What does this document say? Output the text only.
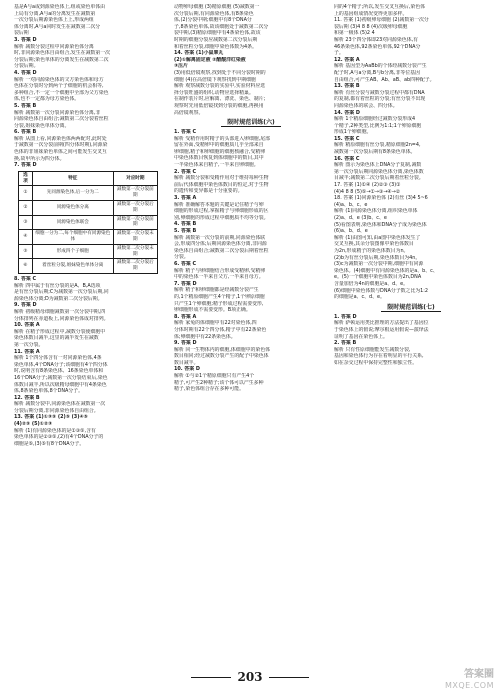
基是A与a或到源染色体上,组或染色单体由
上局有分离,A与a的分离发生在减数第
一次分裂后期源染色体上上,形成两组
体分离时,A与a同时发生在减数第二次分
裂后期
3. 答案 D
解析 减数分裂过程中同源染色体分离
时,非同源染色体自由组合,发生在减数第一次
分裂后期;染色单体的分离发生在减数第二次
分裂后期。
4. 答案 D
解析 一对同源染色体的父方染色体和母方
色体在分裂时分到两个子细胞的机会相等,
多种组合,不一定一个细胞中全部为父方染色
体,也不一定都为母方染色体。
5. 答案 B
解析 减数第一次分裂同源染色体分离,非
同源染色体自由组合;减数第二次分裂着丝粒
分裂,姐妹染色单体分离。
6. 答案 B
解析 从图上看,同源染色体两两配对,此时处
于减数第一次分裂前期(四分体时期),同源染
色体的非姐妹染色单体之间可能发生交叉互
换,故甲所示为四分体。
7. 答案 D
选项	特征	对应时期
①	先同源染色体,后一分为二	减数第一次分裂前期
②	同源染色体分离	减数第一次分裂后期
③	同源染色体联会	减数第一次分裂前期
④	细胞一分为二,每个细胞中有同源染色体	减数第一次分裂末期
⑤	形成四个子细胞	减数第二次分裂末期
⑥	着丝粒分裂,姐妹染色单体分离	减数第二次分裂后期
8. 答案 C
解析 四中属于有丝分裂的是A、B,A选项
是有丝分裂后期;C为减数第一次分裂后期,同
源染色体分离;D为减数第二次分裂后期。
9. 答案 D
解析 初级精母细胞减数第一次分裂中期,四
分体排列在赤道板上,同源染色体成对排列。
10. 答案 A
解析 在精子形成过程中,减数分裂使细胞中
染色体数目减半,这里的减半发生在减数
第一次分裂。
11. 答案 A
解析 1个四分体含有一对同源染色体,4条
染色单体,4个DNA分子;该细胞有4个四分体
时,说明含有8条染色体、16条染色单体和
16个DNA分子;减数第一次分裂结束后,染色
体数目减半,所以次级精母细胞中有4条染色
体,8条染色单体,8个DNA分子。
12. 答案 B
解析 减数分裂中,同源染色体在减数第一次
分裂后期分离,非同源染色体自由组合。
13. 答案 (1)①③⑤ (2)⑤ (3)④⑤
(4)②⑤ (5)①②③
解析 (1)有同源染色体的是①③⑤,含有
染色单体的是②③⑤,(2)有4个DNA分子的
细胞是⑤,(3)⑤有8个DNA分子。
动物卵母细胞 (3)精原细胞 (5)减数第一
次分裂后期,有同源染色体,有8条染色
体,(2)分裂中期;细胞中有8个DNA分
子,8条染色单体,故该细胞处于减数第二次分
裂中期,(3)精原细胞中有4条染色体,故该
时期的细胞分裂应减数第二次分裂后期
和着丝粒分裂,细胞中染色体数为4条。
14. 答案 (1)小鼠睾丸
(2)①解离固定液 ②醋酸洋红染液
③压片
(3)用低倍镜观察,找到处于不同分裂时期的
细胞 (4)在高倍镜下观察找到中期细胞
解析 观察减数分裂的实验中,实验材料应选
择分裂旺盛的组织,动物应选择精巢。
在制作装片时,应解离、漂洗、染色、制片;
观察时先用低倍镜找到分裂的细胞,再换用
高倍镜观察。
限时规范训练(六)
1. 答案 C
解析 受精作用时精子的头部进入卵细胞,尾部
留在外面,受精卵中的细胞质几乎全部来自
卵细胞,精子和卵细胞的细胞核融合,受精卵
中染色体数目恢复到体细胞中的数目,其中
一半染色体来自精子,一半来自卵细胞。
2. 答案 C
解析 减数分裂和受精作用对于维持每种生物
前后代体细胞中染色体数目的恒定,对于生物
的遗传和变异都是十分重要的。
3. 答案 A
解析 准确解答本题的关键是记住精子与卵
细胞的形成过程,掌握精子与卵细胞形成的区
别,卵细胞的形成过程中细胞质不均等分裂。
4. 答案 B
5. 答案 B
解析 减数第一次分裂的前期,同源染色体联
会,形成四分体;后期同源染色体分离,非同源
染色体自由组合;减数第二次分裂后期着丝粒
分裂。
6. 答案 C
解析 精子与卵细胞结合形成受精卵,受精卵
中的染色体一半来自父方,一半来自母方。
7. 答案 D
解析 精子和卵细胞都是经减数分裂产生
的,1个精原细胞产生4个精子,1个卵原细胞
只产生1个卵细胞;精子形成过程需要变形,
卵细胞形成不需要变形。B项正确。
8. 答案 A
解析 家兔的体细胞中有22对染色体,四
分体时期有22个四分体,精子中有22条染色
体;卵细胞中有22条染色体。
9. 答案 D
解析 同一生物体内的细胞,体细胞中的染色体
数目相同;经过减数分裂产生的配子中染色体
数目减半。
10. 答案 D
解析 ①与②1个精原细胞只有产生4个
精子,可产生2种精子;该个体可以产生多种
精子,染色体组合存在多种可能。
同的4个精子;所以,发生交叉互换后,染色体
上的基因组成情况变得更加多样。
11. 答案 (1)初级卵母细胞 (2)减数第一次分
裂后期 (3)4 8 8 (4)次级卵母细胞
和第一极体 (5)2 4
解析 23个四分体即23对同源染色体,有
46条染色体,92条染色单体,92个DNA分
子。
12. 答案 A
解析 基因型为AaBb的个体经减数分裂产生
配子时,A与a分离,B与b分离,非等位基因
自由组合,可产生AB、Ab、aB、ab四种配子。
13. 答案 B
解析 有丝分裂与减数分裂过程中都有DNA
的复制,都有着丝粒的分裂;有丝分裂不出现
同源染色体的联会、四分体。
14. 答案 D
解析 1个精原细胞经过减数分裂形成4
个精子,2种类型,比例为1:1;1个卵原细胞
形成1个卵细胞。
15. 答案 C
解析 精原细胞有丝分裂,精原细胞2n=4,
减数第一次分裂后期有8条染色单体。
16. 答案 C
解析 图示为染色体上DNA分子复制,减数
第一次分裂后期同源染色体分离,染色体数
目减半;减数第二次分裂后期着丝粒分裂。
17. 答案 (1)①④ (2)②③ (3)①
(4)4 8 8 (5)⑤→①→③→④→②
18. 答案 (1)同源染色体 (2)有丝 (3)4 5~6
(4)a、b、c、e
解析 (1)同源染色体分离,组织染色单体
(2)a、d、e (3)b、c、e
(5)看图表明,染色体和DNA分子成为染色体
(6)a、b、d、e
解析 (1)由图可知,由a图中染色体发生了
交叉互换,其余分裂图像中染色体数目
为2n,形成精子的染色体数目为n。
(2)b为有丝分裂后期,染色体数目为4n。
(3)c为减数第一次分裂中期,细胞中有同源
染色体。(4)细胞中有同源染色体的是a、b、c、
e。(5)一个细胞中染色体数目为2n,DNA
含量加倍为4n的细胞是a、d、e。
(6)细胞中染色体数与DNA分子数之比为1:2
的细胞是a、c、d、e。
限时规范训练(七)
1. 答案 D
解析 萨顿运用类比推理的方法提出了基因位
于染色体上的假说;摩尔根运用假说—演绎法
证明了基因在染色体上。
2. 答案 B
解析 只有性原细胞能发生减数分裂,
基因和染色体行为存在着明显的平行关系,
如在杂交过程中保持完整性和独立性。
203	答案圈
MXQE.COM
